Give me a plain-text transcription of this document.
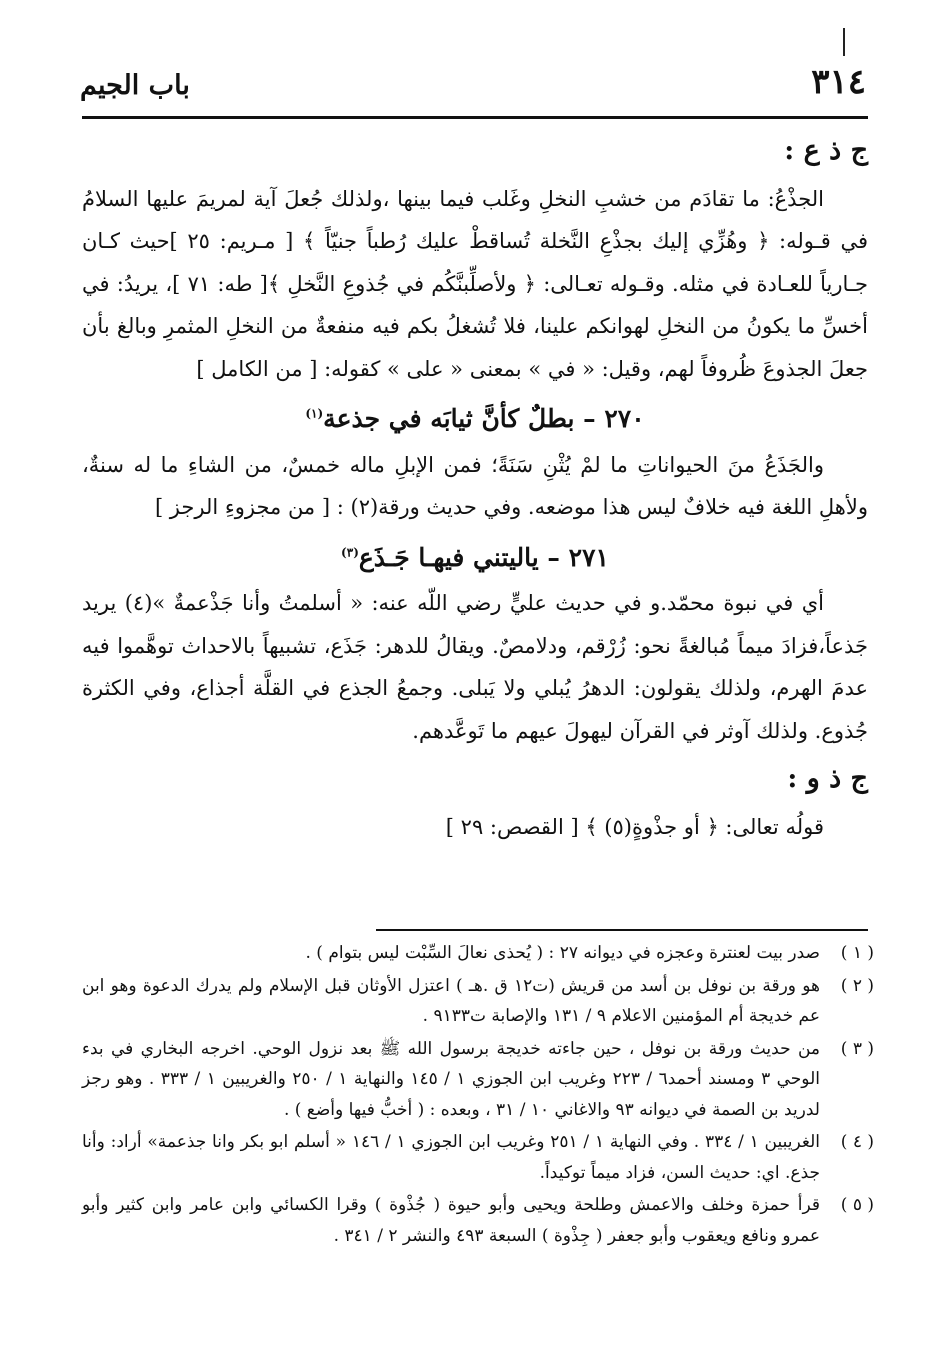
٣١٤
باب الجيم
ج ذ ع :

الجذْعُ: ما تقادَم من خشبِ النخلِ وغَلب فيما بينها ،ولذلك جُعلَ آية لمريمَ عليها السلامُ في قـوله: ﴿ وهُزِّي إليك بجذْعِ النَّخلة تُساقطْ عليك رُطباً جنيّاً ﴾ [ مـريم: ٢٥ ]حيث كـان جـارياً للعـادة في مثله. وقـوله تعـالى: ﴿ ولأصلِّبنَّكُم في جُذوعِ النَّخلِ ﴾[ طه: ٧١ ]، يريدُ: في أخسِّ ما يكونُ من النخلِ لهوانكم علينا، فلا تُشغلُ بكم فيه منفعةٌ من النخلِ المثمرِ وبالغ بأن جعلَ الجذوعَ ظُروفاً لهم، وقيل: « في » بمعنى « على » كقوله: [ من الكامل ]

٢٧٠ – بطلٌ كأنَّ ثيابَه في جذعة$^{(١)}$

والجَذَعُ منَ الحيواناتِ ما لمْ يُثْنِ سَنَةً؛ فمن الإبلِ ماله خمسٌ، من الشاءِ ما له سنةٌ، ولأهلِ اللغة فيه خلافٌ ليس هذا موضعه. وفي حديث ورقة(٢) : [ من مجزوءِ الرجز ]

٢٧١ – ياليتني فيهـا جَـذَع$^{(٣)}$

أي في نبوة محمّد.و في حديث عليٍّ رضي اللّه عنه: « أسلمتُ وأنا جَذْعمةٌ »(٤) يريد جَذعاً،فزادَ ميماً مُبالغةً نحو: زُرْقم، ودلامصٌ. ويقالُ للدهر: جَذَع، تشبيهاً بالاحداث توهَّموا فيه عدمَ الهرم، ولذلك يقولون: الدهرُ يُبلي ولا يَبلى. وجمعُ الجذع في القلَّة أجذاع، وفي الكثرة جُذوع. ولذلك آوثر في القرآن ليهولَ عيهم ما تَوعَّدهم.

ج ذ و :

قولُه تعالى: ﴿ أو جذْوةٍ(٥) ﴾ [ القصص: ٢٩ ]

( ١ )
صدر بيت لعنترة وعجزه في ديوانه ٢٧ : ( يُحذى نعالَ السِّبْت ليس بتوام ) .
( ٢ )
هو ورقة بن نوفل بن أسد من قريش (ت١٢ ق .هـ ) اعتزل الأوثان قبل الإسلام ولم يدرك الدعوة وهو ابن عم خديجة أم المؤمنين الاعلام ٩ / ١٣١ والإصابة ت٩١٣٣ .
( ٣ )
من حديث ورقة بن نوفل ، حين جاءته خديجة برسول الله ﷺ بعد نزول الوحي. اخرجه البخاري في بدء الوحي ٣ ومسند أحمد٦ / ٢٢٣ وغريب ابن الجوزي ١ / ١٤٥ والنهاية ١ / ٢٥٠ والغريبين ١ / ٣٣٣ . وهو رجز لدريد بن الصمة في ديوانه ٩٣ والاغاني ١٠ / ٣١ ، وبعده : ( أخبُّ فيها وأضع ) .
( ٤ )
الغريبين ١ / ٣٣٤ . وفي النهاية ١ / ٢٥١ وغريب ابن الجوزي ١ / ١٤٦ « أسلم ابو بكر وانا جذعمة» أراد: وأنا جذع. اي: حديث السن، فزاد ميماً توكيداً.
( ٥ )
قرأ حمزة وخلف والاعمش وطلحة ويحيى وأبو حيوة ( جُذْوة ) وقرا الكسائي وابن عامر وابن كثير وأبو عمرو ونافع ويعقوب وأبو جعفر ( جِذْوة ) السبعة ٤٩٣ والنشر ٢ / ٣٤١ .
